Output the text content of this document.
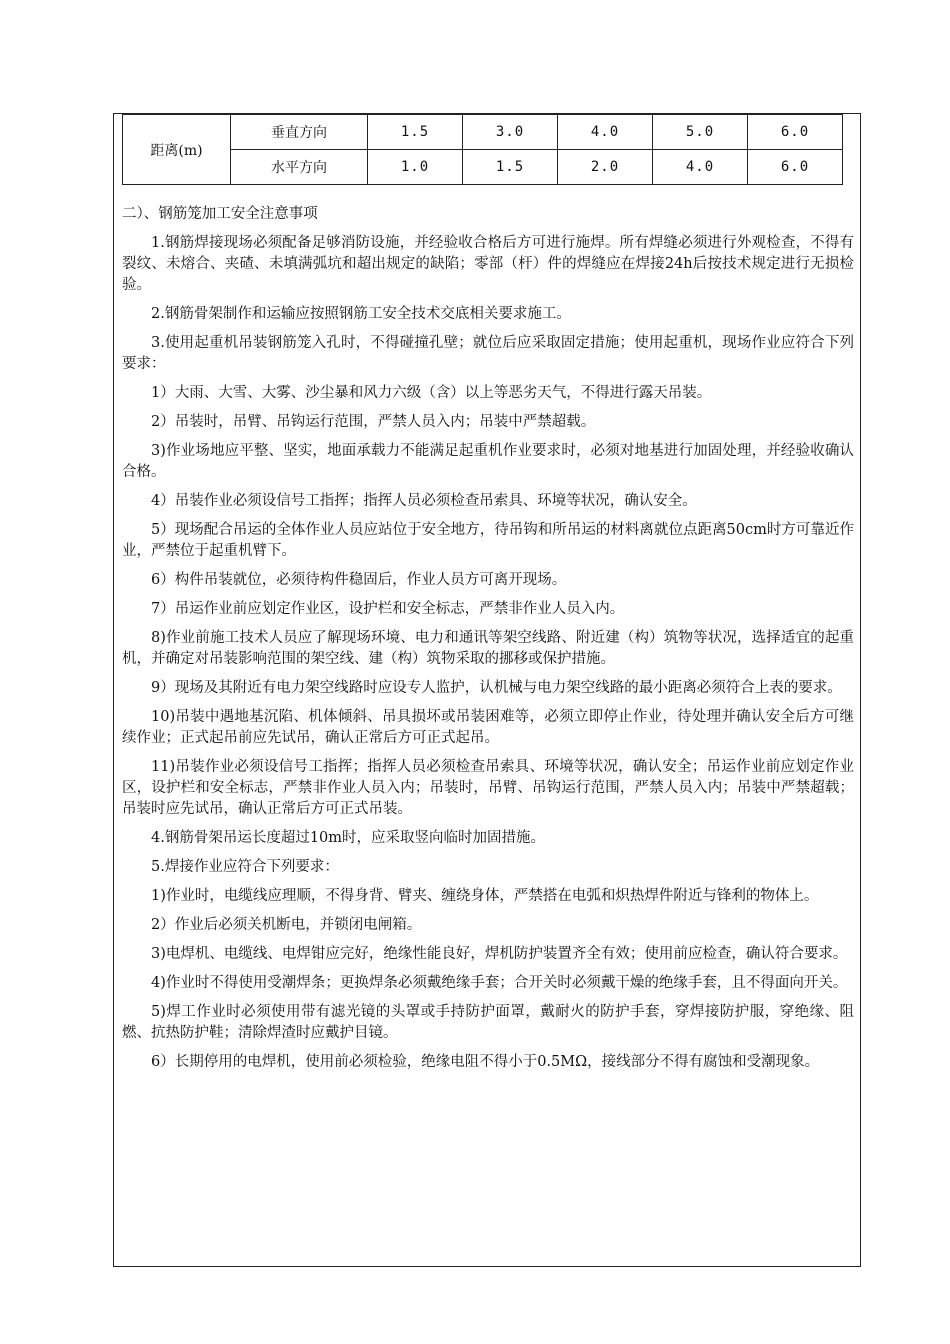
距离(m)	垂直方向	1.5	3.0	4.0	5.0	6.0
	水平方向	1.0	1.5	2.0	4.0	6.0

二）、钢筋笼加工安全注意事项

1.钢筋焊接现场必须配备足够消防设施，并经验收合格后方可进行施焊。所有焊缝必须进行外观检查，不得有裂纹、未熔合、夹碴、未填满弧坑和超出规定的缺陷；零部（杆）件的焊缝应在焊接24h后按技术规定进行无损检验。

2.钢筋骨架制作和运输应按照钢筋工安全技术交底相关要求施工。

3.使用起重机吊装钢筋笼入孔时，不得碰撞孔壁；就位后应采取固定措施；使用起重机，现场作业应符合下列要求：

1）大雨、大雪、大雾、沙尘暴和风力六级（含）以上等恶劣天气，不得进行露天吊装。

2）吊装时，吊臂、吊钩运行范围，严禁人员入内；吊装中严禁超载。

3)作业场地应平整、坚实，地面承载力不能满足起重机作业要求时，必须对地基进行加固处理，并经验收确认合格。

4）吊装作业必须设信号工指挥；指挥人员必须检查吊索具、环境等状况，确认安全。

5）现场配合吊运的全体作业人员应站位于安全地方，待吊钩和所吊运的材料离就位点距离50cm时方可靠近作业，严禁位于起重机臂下。

6）构件吊装就位，必须待构件稳固后，作业人员方可离开现场。

7）吊运作业前应划定作业区，设护栏和安全标志，严禁非作业人员入内。

8)作业前施工技术人员应了解现场环境、电力和通讯等架空线路、附近建（构）筑物等状况，选择适宜的起重机，并确定对吊装影响范围的架空线、建（构）筑物采取的挪移或保护措施。

9）现场及其附近有电力架空线路时应设专人监护，认机械与电力架空线路的最小距离必须符合上表的要求。

10)吊装中遇地基沉陷、机体倾斜、吊具损坏或吊装困难等，必须立即停止作业，待处理并确认安全后方可继续作业；正式起吊前应先试吊，确认正常后方可正式起吊。

11)吊装作业必须设信号工指挥；指挥人员必须检查吊索具、环境等状况，确认安全；吊运作业前应划定作业区，设护栏和安全标志，严禁非作业人员入内；吊装时，吊臂、吊钩运行范围，严禁人员入内；吊装中严禁超载；吊装时应先试吊，确认正常后方可正式吊装。

4.钢筋骨架吊运长度超过10m时，应采取竖向临时加固措施。

5.焊接作业应符合下列要求：

1)作业时，电缆线应理顺，不得身背、臂夹、缠绕身体，严禁搭在电弧和炽热焊件附近与锋利的物体上。

2）作业后必须关机断电，并锁闭电闸箱。

3)电焊机、电缆线、电焊钳应完好，绝缘性能良好，焊机防护装置齐全有效；使用前应检查，确认符合要求。

4)作业时不得使用受潮焊条；更换焊条必须戴绝缘手套；合开关时必须戴干燥的绝缘手套，且不得面向开关。

5)焊工作业时必须使用带有滤光镜的头罩或手持防护面罩，戴耐火的防护手套，穿焊接防护服，穿绝缘、阻燃、抗热防护鞋；清除焊渣时应戴护目镜。

6）长期停用的电焊机，使用前必须检验，绝缘电阻不得小于0.5MΩ，接线部分不得有腐蚀和受潮现象。
